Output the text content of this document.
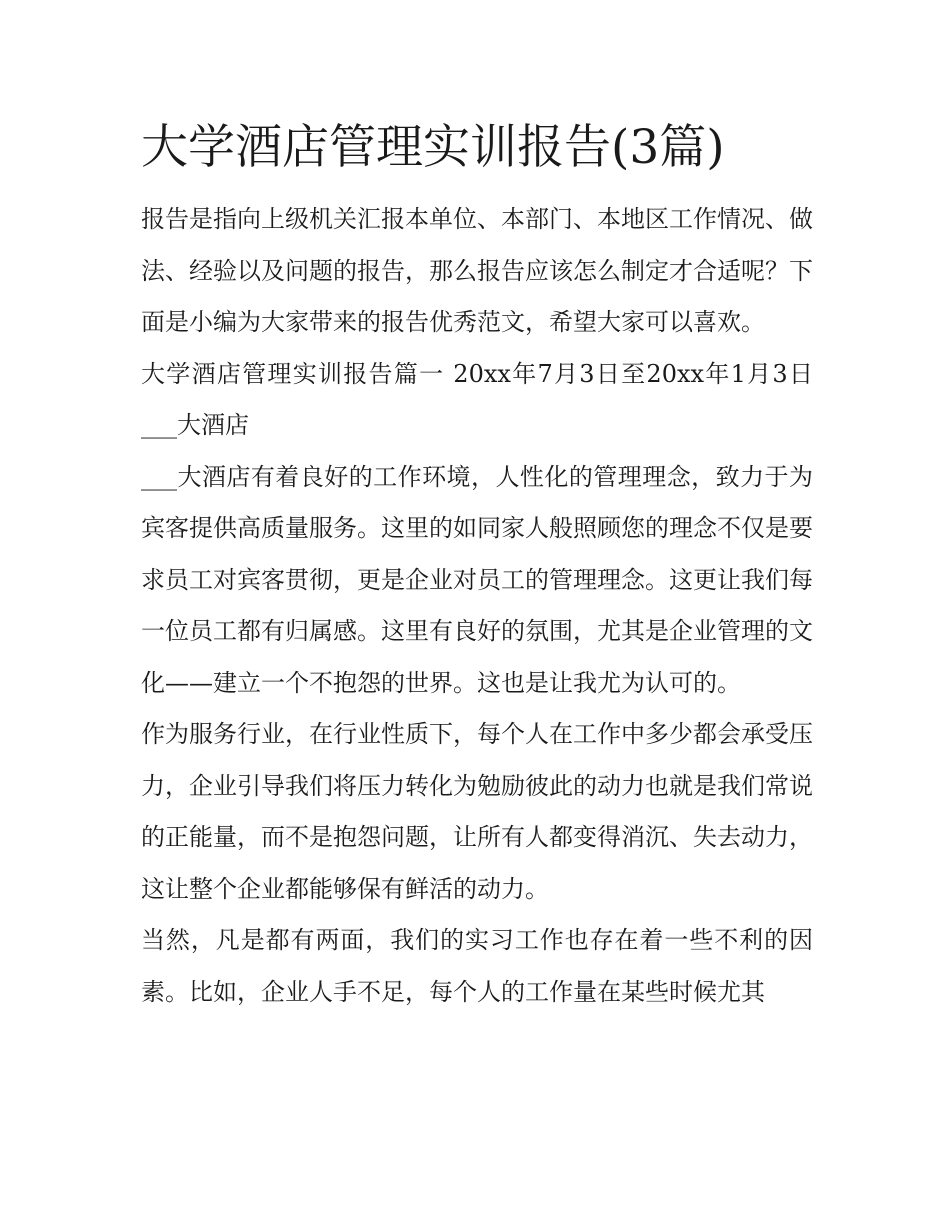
大学酒店管理实训报告(3篇)

报告是指向上级机关汇报本单位、本部门、本地区工作情况、做法、经验以及问题的报告，那么报告应该怎么制定才合适呢？下面是小编为大家带来的报告优秀范文，希望大家可以喜欢。

大学酒店管理实训报告篇一 20xx年7月3日至20xx年1月3日 ___大酒店

___大酒店有着良好的工作环境，人性化的管理理念，致力于为宾客提供高质量服务。这里的如同家人般照顾您的理念不仅是要求员工对宾客贯彻，更是企业对员工的管理理念。这更让我们每一位员工都有归属感。这里有良好的氛围，尤其是企业管理的文化——建立一个不抱怨的世界。这也是让我尤为认可的。

作为服务行业，在行业性质下，每个人在工作中多少都会承受压力，企业引导我们将压力转化为勉励彼此的动力也就是我们常说的正能量，而不是抱怨问题，让所有人都变得消沉、失去动力，这让整个企业都能够保有鲜活的动力。

当然，凡是都有两面，我们的实习工作也存在着一些不利的因素。比如，企业人手不足，每个人的工作量在某些时候尤其
